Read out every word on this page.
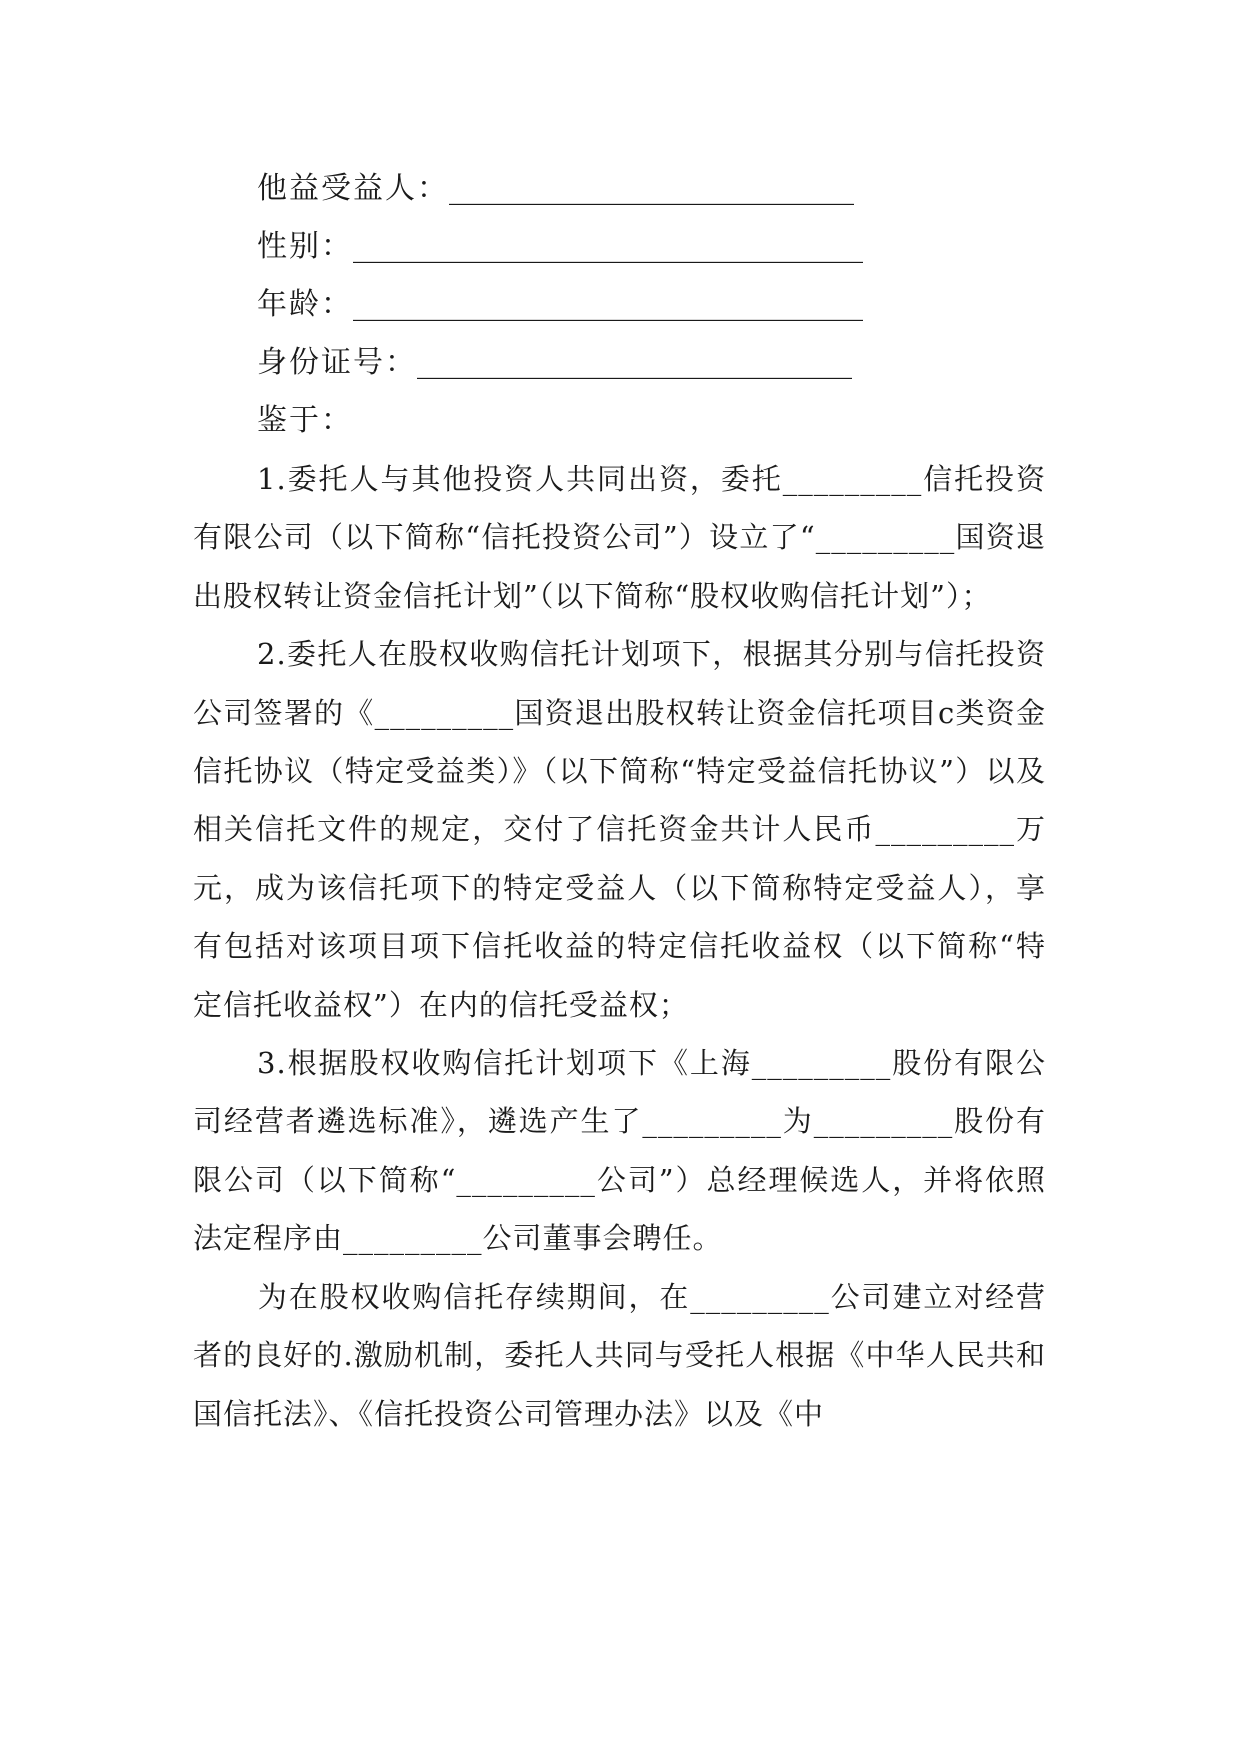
他益受益人：___________________________
性别：__________________________________
年龄：__________________________________
身份证号：_____________________________
鉴于：

1.委托人与其他投资人共同出资，委托_________信托投资有限公司（以下简称“信托投资公司”）设立了“_________国资退出股权转让资金信托计划”（以下简称“股权收购信托计划”）；

2.委托人在股权收购信托计划项下，根据其分别与信托投资公司签署的《_________国资退出股权转让资金信托项目c类资金信托协议（特定受益类）》（以下简称“特定受益信托协议”）以及相关信托文件的规定，交付了信托资金共计人民币_________万元，成为该信托项下的特定受益人（以下简称特定受益人），享有包括对该项目项下信托收益的特定信托收益权（以下简称“特定信托收益权”）在内的信托受益权；

3.根据股权收购信托计划项下《上海_________股份有限公司经营者遴选标准》，遴选产生了_________为_________股份有限公司（以下简称“_________公司”）总经理候选人，并将依照法定程序由_________公司董事会聘任。

为在股权收购信托存续期间，在_________公司建立对经营者的良好的.激励机制，委托人共同与受托人根据《中华人民共和国信托法》、《信托投资公司管理办法》以及《中
